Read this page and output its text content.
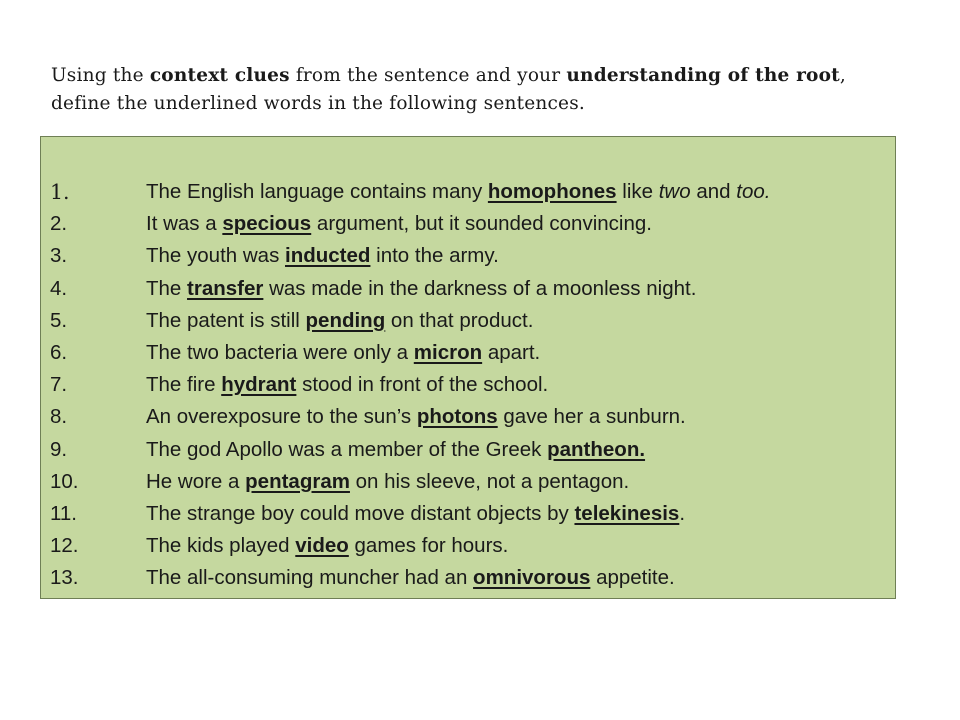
Using the context clues from the sentence and your understanding of the root, define the underlined words in the following sentences.
1.	The English language contains many homophones like two and too.
2.	It was a specious argument, but it sounded convincing.
3.	The youth was inducted into the army.
4.	The transfer was made in the darkness of a moonless night.
5.	The patent is still pending on that product.
6.	The two bacteria were only a micron apart.
7.	The fire hydrant stood in front of the school.
8.	An overexposure to the sun’s photons gave her a sunburn.
9.	The god Apollo was a member of the Greek pantheon.
10.	He wore a pentagram on his sleeve, not a pentagon.
11.	The strange boy could move distant objects by telekinesis.
12.	The kids played video games for hours.
13.	The all-consuming muncher had an omnivorous appetite.
